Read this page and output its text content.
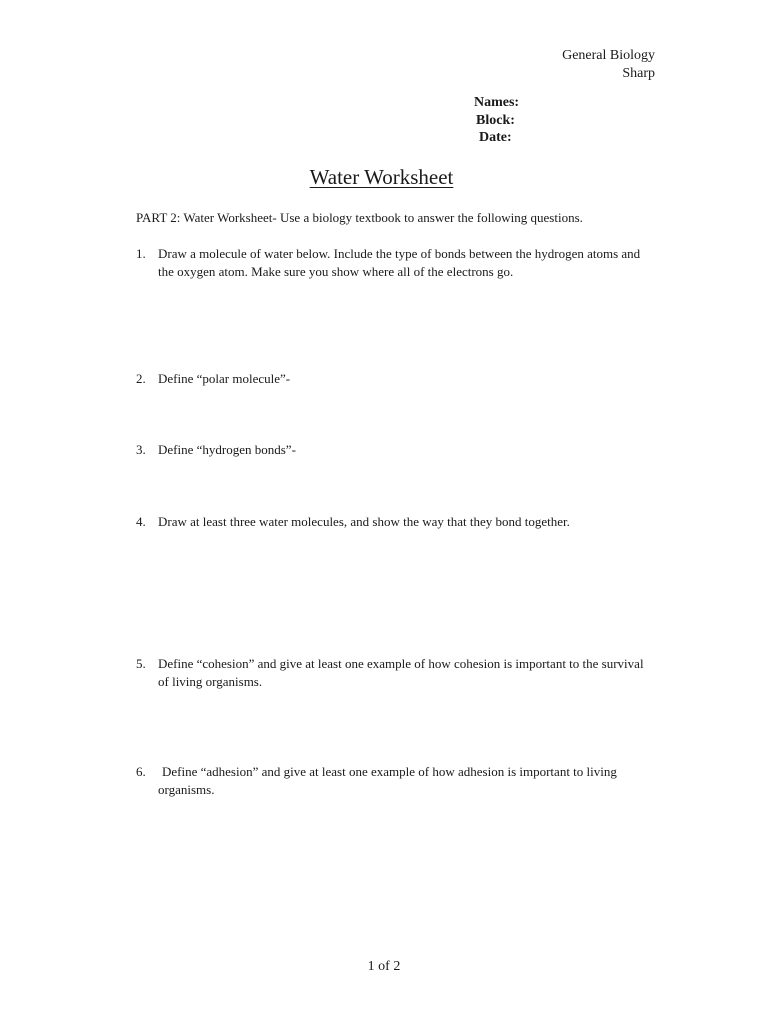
General Biology
Sharp
Names:
Block:
Date:
Water Worksheet
PART 2: Water Worksheet- Use a biology textbook to answer the following questions.
1. Draw a molecule of water below. Include the type of bonds between the hydrogen atoms and the oxygen atom. Make sure you show where all of the electrons go.
2. Define “polar molecule”-
3. Define “hydrogen bonds”-
4. Draw at least three water molecules, and show the way that they bond together.
5. Define “cohesion” and give at least one example of how cohesion is important to the survival of living organisms.
6.	Define “adhesion” and give at least one example of how adhesion is important to living organisms.
1 of 2
